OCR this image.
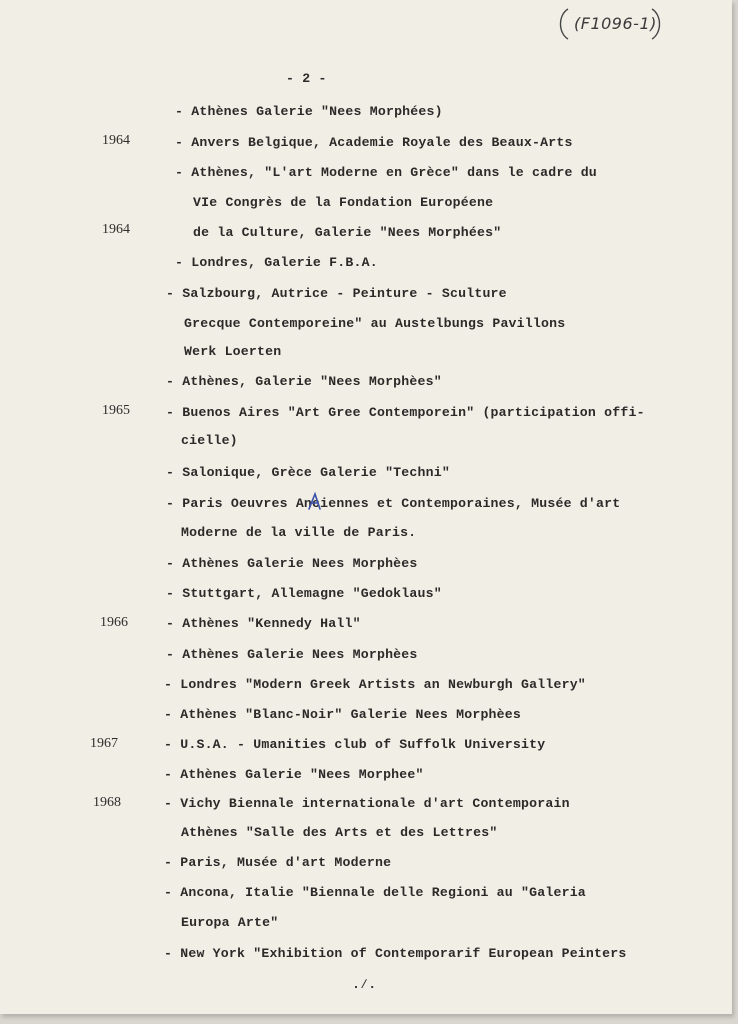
(F1096-1)
- 2 -
1964
1964
1965
1966
1967
1968
- Athènes Galerie "Nees Morphées)
- Anvers Belgique, Academie Royale des Beaux-Arts
- Athènes, "L'art Moderne en Grèce" dans le cadre du
VIe Congrès de la Fondation Européene
de la Culture, Galerie "Nees Morphées"
- Londres, Galerie F.B.A.
- Salzbourg, Autrice - Peinture - Sculture
Grecque Contemporeine" au Austelbungs Pavillons
Werk Loerten
- Athènes, Galerie "Nees Morphèes"
- Buenos Aires "Art Gree Contemporein" (participation offi-
cielle)
- Salonique, Grèce Galerie "Techni"
- Paris Oeuvres Anciennes et Contemporaines, Musée d'art
Moderne de la ville de Paris.
- Athènes Galerie Nees Morphèes
- Stuttgart, Allemagne "Gedoklaus"
- Athènes "Kennedy Hall"
- Athènes Galerie Nees Morphèes
- Londres "Modern Greek Artists an Newburgh Gallery"
- Athènes "Blanc-Noir" Galerie Nees Morphèes
- U.S.A. - Umanities club of Suffolk University
- Athènes Galerie "Nees Morphee"
- Vichy Biennale internationale d'art Contemporain
Athènes "Salle des Arts et des Lettres"
- Paris, Musée d'art Moderne
- Ancona, Italie "Biennale delle Regioni au "Galeria
Europa Arte"
- New York "Exhibition of Contemporarif European Peinters
.∕.
